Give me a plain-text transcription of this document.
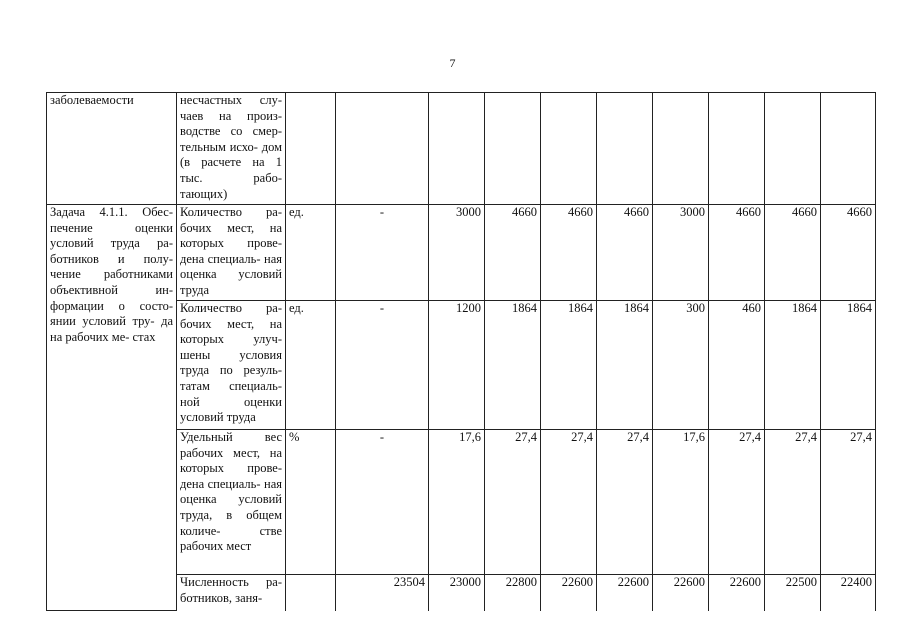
7
заболеваемости	несчастных слу- чаев на произ- водстве со смер- тельным исхо- дом (в расчете на 1 тыс. рабо- тающих)										
Задача 4.1.1. Обес- печение оценки условий труда ра- ботников и полу- чение работниками объективной ин- формации о состо- янии условий тру- да на рабочих ме- стах	Количество ра- бочих мест, на которых прове- дена специаль- ная оценка условий труда	ед.	-	3000	4660	4660	4660	3000	4660	4660	4660
	Количество ра- бочих мест, на которых улуч- шены условия труда по резуль- татам специаль- ной оценки условий труда	ед.	-	1200	1864	1864	1864	300	460	1864	1864
	Удельный вес рабочих мест, на которых прове- дена специаль- ная оценка условий труда, в общем количе- стве рабочих мест	%	-	17,6	27,4	27,4	27,4	17,6	27,4	27,4	27,4
	Численность ра- ботников, заня-		23504	23000	22800	22600	22600	22600	22600	22500	22400
